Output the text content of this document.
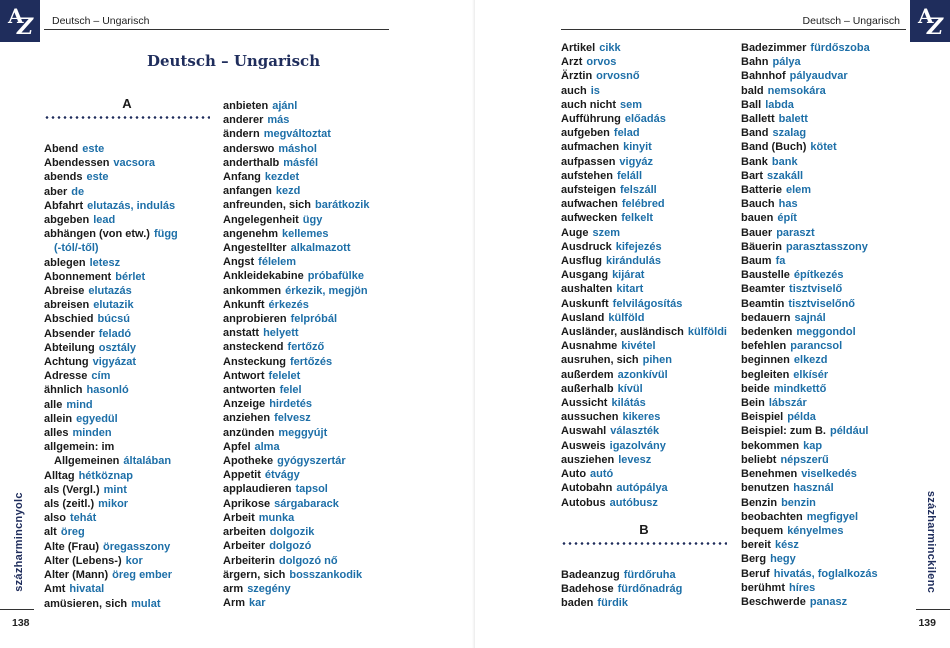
A
Z Deutsch – Ungarisch
Deutsch – Ungarisch
A
Abend este
Abendessen vacsora
abends este
aber de
Abfahrt elutazás, indulás
abgeben lead
abhängen (von etw.) függ
(-tól/-től)
ablegen letesz
Abonnement bérlet
Abreise elutazás
abreisen elutazik
Abschied búcsú
Absender feladó
Abteilung osztály
Achtung vigyázat
Adresse cím
ähnlich hasonló
alle mind
allein egyedül
alles minden
allgemein: im
Allgemeinen általában
Alltag hétköznap
als (Vergl.) mint
als (zeitl.) mikor
also tehát
alt öreg
Alte (Frau) öregasszony
Alter (Lebens-) kor
Alter (Mann) öreg ember
Amt hivatal
amüsieren, sich mulat
anbieten ajánl
anderer más
ändern megváltoztat
anderswo máshol
anderthalb másfél
Anfang kezdet
anfangen kezd
anfreunden, sich barátkozik
Angelegenheit ügy
angenehm kellemes
Angestellter alkalmazott
Angst félelem
Ankleidekabine próbafülke
ankommen érkezik, megjön
Ankunft érkezés
anprobieren felpróbál
anstatt helyett
ansteckend fertőző
Ansteckung fertőzés
Antwort felelet
antworten felel
Anzeige hirdetés
anziehen felvesz
anzünden meggyújt
Apfel alma
Apotheke gyógyszertár
Appetit étvágy
applaudieren tapsol
Aprikose sárgabarack
Arbeit munka
arbeiten dolgozik
Arbeiter dolgozó
Arbeiterin dolgozó nő
ärgern, sich bosszankodik
arm szegény
Arm kar
százharmincnyolc
138
A
Z
Deutsch – Ungarisch
Artikel cikk
Arzt orvos
Ärztin orvosnő
auch is
auch nicht sem
Aufführung előadás
aufgeben felad
aufmachen kinyit
aufpassen vigyáz
aufstehen feláll
aufsteigen felszáll
aufwachen felébred
aufwecken felkelt
Auge szem
Ausdruck kifejezés
Ausflug kirándulás
Ausgang kijárat
aushalten kitart
Auskunft felvilágosítás
Ausland külföld
Ausländer, ausländisch külföldi
Ausnahme kivétel
ausruhen, sich pihen
außerdem azonkívül
außerhalb kívül
Aussicht kilátás
aussuchen kikeres
Auswahl választék
Ausweis igazolvány
ausziehen levesz
Auto autó
Autobahn autópálya
Autobus autóbusz
B
Badeanzug fürdőruha
Badehose fürdőnadrág
baden fürdik
Badezimmer fürdőszoba
Bahn pálya
Bahnhof pályaudvar
bald nemsokára
Ball labda
Ballett balett
Band szalag
Band (Buch) kötet
Bank bank
Bart szakáll
Batterie elem
Bauch has
bauen épít
Bauer paraszt
Bäuerin parasztasszony
Baum fa
Baustelle építkezés
Beamter tisztviselő
Beamtin tisztviselőnő
bedauern sajnál
bedenken meggondol
befehlen parancsol
beginnen elkezd
begleiten elkísér
beide mindkettő
Bein lábszár
Beispiel példa
Beispiel: zum B. például
bekommen kap
beliebt népszerű
Benehmen viselkedés
benutzen használ
Benzin benzin
beobachten megfigyel
bequem kényelmes
bereit kész
Berg hegy
Beruf hivatás, foglalkozás
berühmt híres
Beschwerde panasz
százharminckilenc
139
